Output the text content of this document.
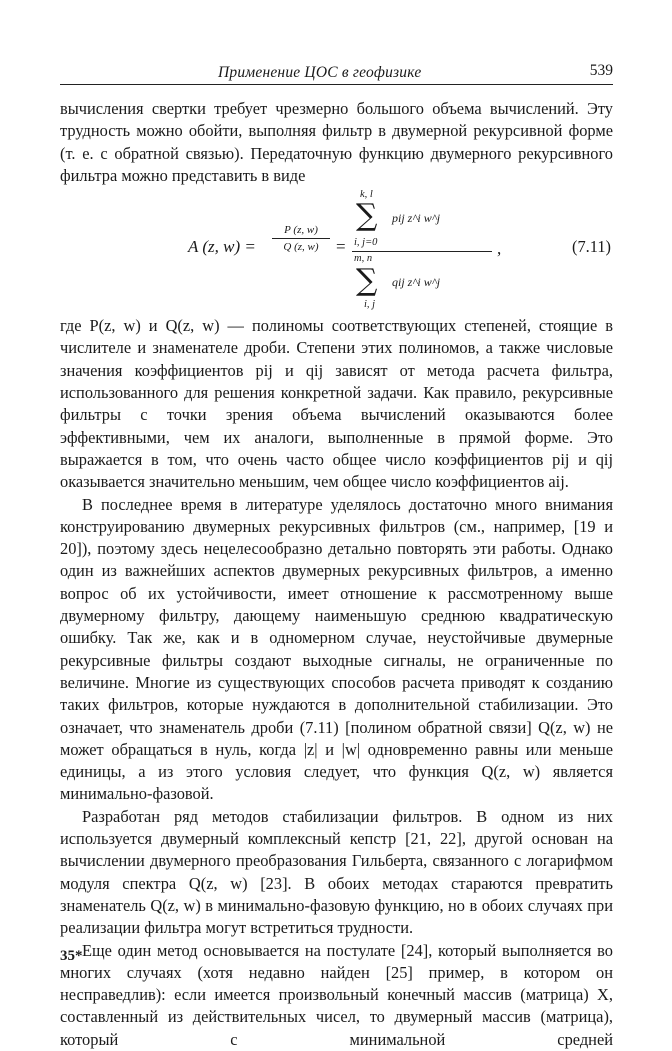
Применение ЦОС в геофизике	539

вычисления свертки требует чрезмерно большого объема вычислений. Эту трудность можно обойти, выполняя фильтр в двумерной рекурсивной форме (т. е. с обратной связью). Передаточную функцию двумерного рекурсивного фильтра можно представить в виде

A (z, $w) = \frac{P (z, w)}{Q (z, w)}$ =
k, l
∑ pij z^i w^j
i, j=0
m, n
∑ qij z^i w^j
i, j
,	(7.11)

где P(z, w) и Q(z, w) — полиномы соответствующих степеней, стоящие в числителе и знаменателе дроби. Степени этих полиномов, а также числовые значения коэффициентов pij и qij зависят от метода расчета фильтра, использованного для решения конкретной задачи. Как правило, рекурсивные фильтры с точки зрения объема вычислений оказываются более эффективными, чем их аналоги, выполненные в прямой форме. Это выражается в том, что очень часто общее число коэффициентов pij и qij оказывается значительно меньшим, чем общее число коэффициентов aij.

В последнее время в литературе уделялось достаточно много внимания конструированию двумерных рекурсивных фильтров (см., например, [19 и 20]), поэтому здесь нецелесообразно детально повторять эти работы. Однако один из важнейших аспектов двумерных рекурсивных фильтров, а именно вопрос об их устойчивости, имеет отношение к рассмотренному выше двумерному фильтру, дающему наименьшую среднюю квадратическую ошибку. Так же, как и в одномерном случае, неустойчивые двумерные рекурсивные фильтры создают выходные сигналы, не ограниченные по величине. Многие из существующих способов расчета приводят к созданию таких фильтров, которые нуждаются в дополнительной стабилизации. Это означает, что знаменатель дроби (7.11) [полином обратной связи] Q(z, w) не может обращаться в нуль, когда |z| и |w| одновременно равны или меньше единицы, а из этого условия следует, что функция Q(z, w) является минимально-фазовой.

Разработан ряд методов стабилизации фильтров. В одном из них используется двумерный комплексный кепстр [21, 22], другой основан на вычислении двумерного преобразования Гильберта, связанного с логарифмом модуля спектра Q(z, w) [23]. В обоих методах стараются превратить знаменатель Q(z, w) в минимально-фазовую функцию, но в обоих случаях при реализации фильтра могут встретиться трудности.

Еще один метод основывается на постулате [24], который выполняется во многих случаях (хотя недавно найден [25] пример, в котором он несправедлив): если имеется произвольный конечный массив (матрица) X, составленный из действительных чисел, то двумерный массив (матрица), который с минимальной средней

35*
